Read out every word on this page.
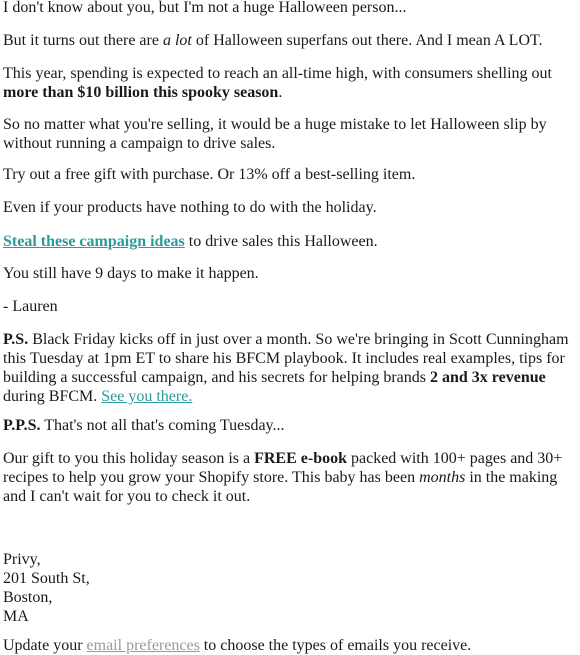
I don't know about you, but I'm not a huge Halloween person...

But it turns out there are a lot of Halloween superfans out there. And I mean A LOT.

This year, spending is expected to reach an all-time high, with consumers shelling out more than $10 billion this spooky season.

So no matter what you're selling, it would be a huge mistake to let Halloween slip by without running a campaign to drive sales.

Try out a free gift with purchase. Or 13% off a best-selling item.

Even if your products have nothing to do with the holiday.

Steal these campaign ideas to drive sales this Halloween.

You still have 9 days to make it happen.

- Lauren

P.S. Black Friday kicks off in just over a month. So we're bringing in Scott Cunningham this Tuesday at 1pm ET to share his BFCM playbook. It includes real examples, tips for building a successful campaign, and his secrets for helping brands 2 and 3x revenue during BFCM. See you there.

P.P.S. That's not all that's coming Tuesday...

Our gift to you this holiday season is a FREE e-book packed with 100+ pages and 30+ recipes to help you grow your Shopify store. This baby has been months in the making and I can't wait for you to check it out.

Privy,
201 South St,
Boston,
MA

Update your email preferences to choose the types of emails you receive.
